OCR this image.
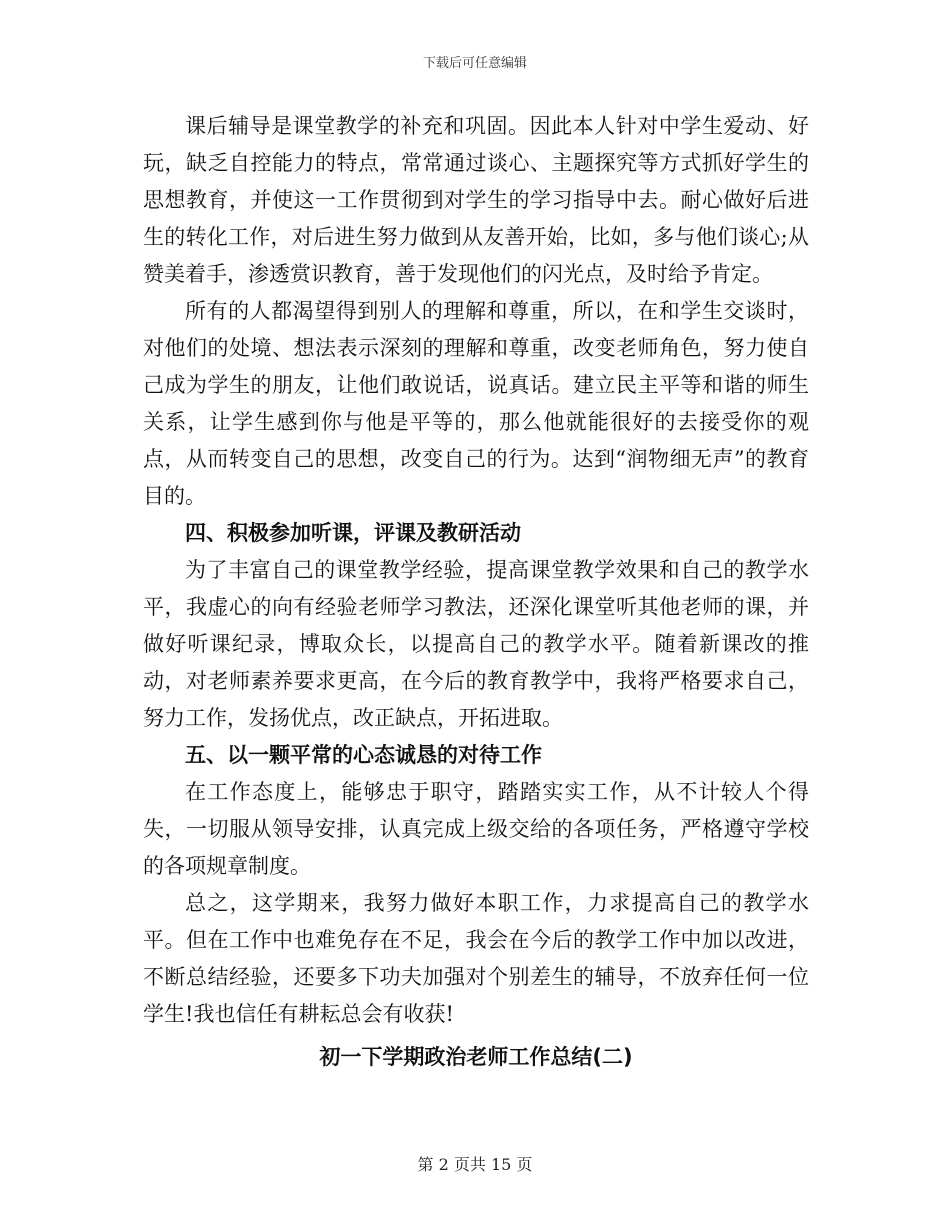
下载后可任意编辑

课后辅导是课堂教学的补充和巩固。因此本人针对中学生爱动、好玩，缺乏自控能力的特点，常常通过谈心、主题探究等方式抓好学生的思想教育，并使这一工作贯彻到对学生的学习指导中去。耐心做好后进生的转化工作，对后进生努力做到从友善开始，比如，多与他们谈心;从赞美着手，渗透赏识教育，善于发现他们的闪光点，及时给予肯定。

所有的人都渴望得到别人的理解和尊重，所以，在和学生交谈时，对他们的处境、想法表示深刻的理解和尊重，改变老师角色，努力使自己成为学生的朋友，让他们敢说话，说真话。建立民主平等和谐的师生关系，让学生感到你与他是平等的，那么他就能很好的去接受你的观点，从而转变自己的思想，改变自己的行为。达到“润物细无声”的教育目的。

四、积极参加听课，评课及教研活动

为了丰富自己的课堂教学经验，提高课堂教学效果和自己的教学水平，我虚心的向有经验老师学习教法，还深化课堂听其他老师的课，并做好听课纪录，博取众长，以提高自己的教学水平。随着新课改的推动，对老师素养要求更高，在今后的教育教学中，我将严格要求自己，努力工作，发扬优点，改正缺点，开拓进取。

五、以一颗平常的心态诚恳的对待工作

在工作态度上，能够忠于职守，踏踏实实工作，从不计较人个得失，一切服从领导安排，认真完成上级交给的各项任务，严格遵守学校的各项规章制度。

总之，这学期来，我努力做好本职工作，力求提高自己的教学水平。但在工作中也难免存在不足，我会在今后的教学工作中加以改进，不断总结经验，还要多下功夫加强对个别差生的辅导，不放弃任何一位学生!我也信任有耕耘总会有收获!

初一下学期政治老师工作总结(二)

第 2 页共 15 页
